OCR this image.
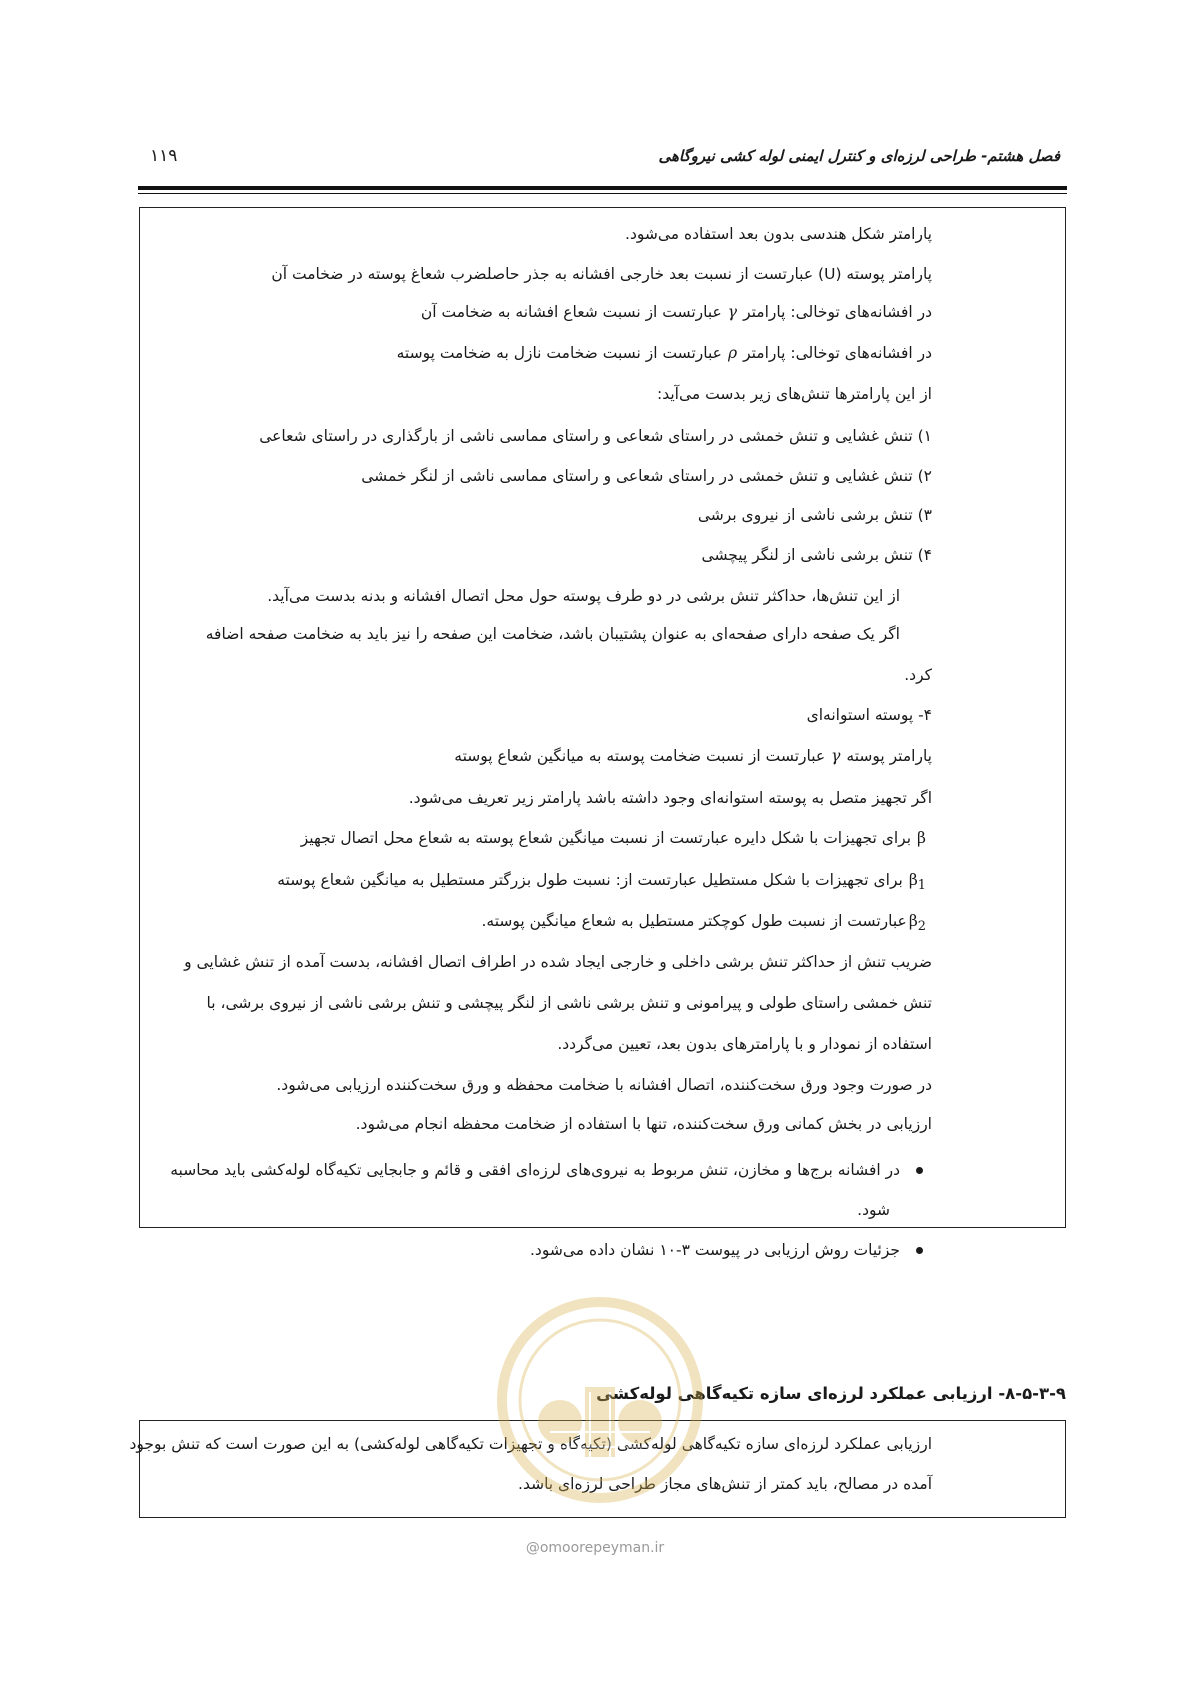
فصل هشتم- طراحی لرزه‌ای و کنترل ایمنی لوله کشی نیروگاهی
۱۱۹
پارامتر شکل هندسی بدون بعد استفاده می‌شود.
پارامتر پوسته (U) عبارتست از نسبت بعد خارجی افشانه به جذر حاصلضرب شعاغ پوسته در ضخامت آن
در افشانه‌های توخالی: پارامترγعبارتست از نسبت شعاع افشانه به ضخامت آن
در افشانه‌های توخالی: پارامترρعبارتست از نسبت ضخامت نازل به ضخامت پوسته
از این پارامترها تنش‌های زیر بدست می‌آید:
۱) تنش غشایی و تنش خمشی در راستای شعاعی و راستای مماسی ناشی از بارگذاری در راستای شعاعی
۲) تنش غشایی و تنش خمشی در راستای شعاعی و راستای مماسی ناشی از لنگر خمشی
۳) تنش برشی ناشی از نیروی برشی
۴) تنش برشی ناشی از لنگر پیچشی
از این تنش‌ها، حداکثر تنش برشی در دو طرف پوسته حول محل اتصال افشانه و بدنه بدست می‌آید.
اگر یک صفحه دارای صفحه‌ای به عنوان پشتیبان باشد، ضخامت این صفحه را نیز باید به ضخامت صفحه اضافه
کرد.
۴- پوسته استوانه‌ای
پارامتر پوستهγعبارتست از نسبت ضخامت پوسته به میانگین شعاع پوسته
اگر تجهیز متصل به پوسته استوانه‌ای وجود داشته باشد پارامتر زیر تعریف می‌شود.
βبرای تجهیزات با شکل دایره عبارتست از نسبت میانگین شعاع پوسته به شعاع محل اتصال تجهیز
$\beta_1برای$ تجهیزات با شکل مستطیل عبارتست از: نسبت طول بزرگتر مستطیل به میانگین شعاع پوسته
$\beta_2عبارتست$ از نسبت طول کوچکتر مستطیل به شعاع میانگین پوسته.
ضریب تنش از حداکثر تنش برشی داخلی و خارجی ایجاد شده در اطراف اتصال افشانه، بدست آمده از تنش غشایی و
تنش خمشی راستای طولی و پیرامونی و تنش برشی ناشی از لنگر پیچشی و تنش برشی ناشی از نیروی برشی، با
استفاده از نمودار و با پارامترهای بدون بعد، تعیین می‌گردد.
در صورت وجود ورق سخت‌کننده، اتصال افشانه با ضخامت محفظه و ورق سخت‌کننده ارزیابی می‌شود.
ارزیابی در بخش کمانی ورق سخت‌کننده، تنها با استفاده از ضخامت محفظه انجام می‌شود.
در افشانه برج‌ها و مخازن، تنش مربوط به نیروی‌های لرزه‌ای افقی و قائم و جابجایی تکیه‌گاه لوله‌کشی باید محاسبه
شود.
جزئیات روش ارزیابی در پیوست ۳-۱۰ نشان داده می‌شود.
۸-۵-۳-۹- ارزیابی عملکرد لرزه‌ای سازه تکیه‌گاهی لوله‌کشی
ارزیابی عملکرد لرزه‌ای سازه تکیه‌گاهی لوله‌کشی (تکیه‌گاه و تجهیزات تکیه‌گاهی لوله‌کشی) به این صورت است که تنش بوجود
آمده در مصالح، باید کمتر از تنش‌های مجاز طراحی لرزه‌ای باشد.
@omoorepeyman.ir
